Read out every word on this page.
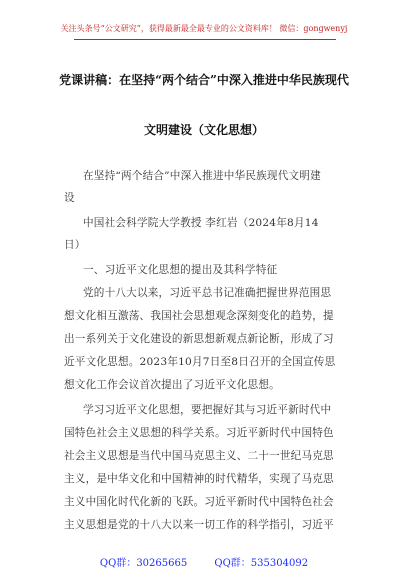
关注头条号“公文研究”，获得最新最全最专业的公文资料库！ 微信：gongwenyj
党课讲稿：在坚持“两个结合”中深入推进中华民族现代
文明建设（文化思想）

在坚持“两个结合”中深入推进中华民族现代文明建

设

中国社会科学院大学教授 李红岩（2024年8月14

日）

一、习近平文化思想的提出及其科学特征

党的十八大以来，习近平总书记准确把握世界范围思

想文化相互激荡、我国社会思想观念深刻变化的趋势，提

出一系列关于文化建设的新思想新观点新论断，形成了习

近平文化思想。2023年10月7日至8日召开的全国宣传思

想文化工作会议首次提出了习近平文化思想。

学习习近平文化思想，要把握好其与习近平新时代中

国特色社会主义思想的科学关系。习近平新时代中国特色

社会主义思想是当代中国马克思主义、二十一世纪马克思

主义，是中华文化和中国精神的时代精华，实现了马克思

主义中国化时代化新的飞跃。习近平新时代中国特色社会

主义思想是党的十八大以来一切工作的科学指引，习近平

QQ群：30265665	QQ群：535304092
